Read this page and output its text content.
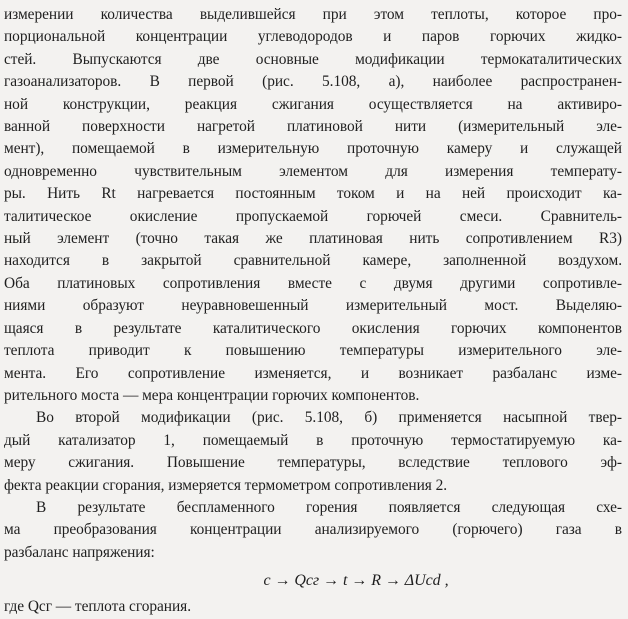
измерении количества выделившейся при этом теплоты, которое про-
порциональной концентрации углеводородов и паров горючих жидко-
стей. Выпускаются две основные модификации термокаталитических
газоанализаторов. В первой (рис. 5.108, а), наиболее распространен-
ной конструкции, реакция сжигания осуществляется на активиро-
ванной поверхности нагретой платиновой нити (измерительный эле-
мент), помещаемой в измерительную проточную камеру и служащей
одновременно чувствительным элементом для измерения температу-
ры. Нить Rt нагревается постоянным током и на ней происходит ка-
талитическое окисление пропускаемой горючей смеси. Сравнитель-
ный элемент (точно такая же платиновая нить сопротивлением R3)
находится в закрытой сравнительной камере, заполненной воздухом.
Оба платиновых сопротивления вместе с двумя другими сопротивле-
ниями образуют неуравновешенный измерительный мост. Выделяю-
щаяся в результате каталитического окисления горючих компонентов
теплота приводит к повышению температуры измерительного эле-
мента. Его сопротивление изменяется, и возникает разбаланс изме-
рительного моста — мера концентрации горючих компонентов.
Во второй модификации (рис. 5.108, б) применяется насыпной твер-
дый катализатор 1, помещаемый в проточную термостатируемую ка-
меру сжигания. Повышение температуры, вследствие теплового эф-
фекта реакции сгорания, измеряется термометром сопротивления 2.
В результате беспламенного горения появляется следующая схе-
ма преобразования концентрации анализируемого (горючего) газа в
разбаланс напряжения:
c → Qсг → t → R → ΔUcd ,
где Qсг — теплота сгорания.
